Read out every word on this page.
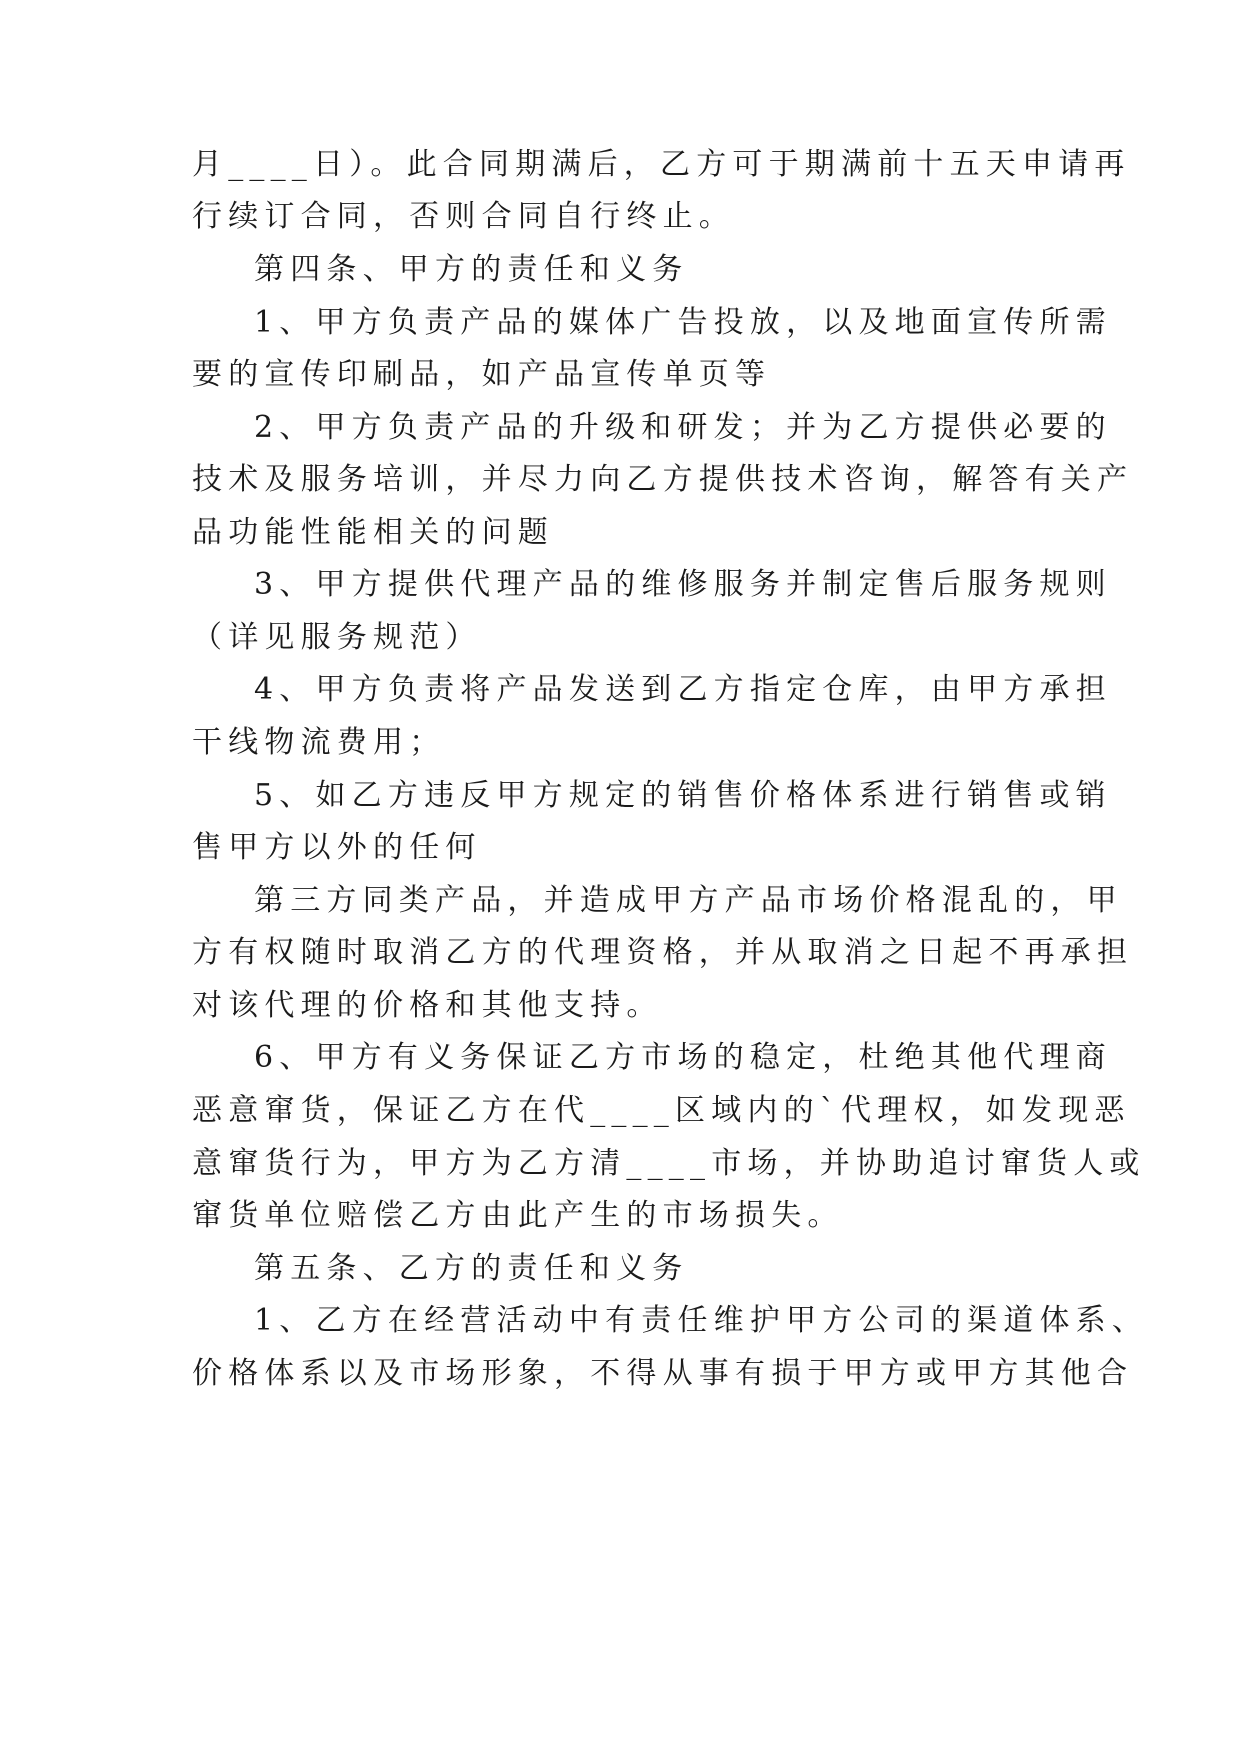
月____日）。此合同期满后，乙方可于期满前十五天申请再

行续订合同，否则合同自行终止。

第四条、甲方的责任和义务

1、甲方负责产品的媒体广告投放，以及地面宣传所需

要的宣传印刷品，如产品宣传单页等

2、甲方负责产品的升级和研发；并为乙方提供必要的

技术及服务培训，并尽力向乙方提供技术咨询，解答有关产

品功能性能相关的问题

3、甲方提供代理产品的维修服务并制定售后服务规则

（详见服务规范）

4、甲方负责将产品发送到乙方指定仓库，由甲方承担

干线物流费用；

5、如乙方违反甲方规定的销售价格体系进行销售或销

售甲方以外的任何

第三方同类产品，并造成甲方产品市场价格混乱的，甲

方有权随时取消乙方的代理资格，并从取消之日起不再承担

对该代理的价格和其他支持。

6、甲方有义务保证乙方市场的稳定，杜绝其他代理商

恶意窜货，保证乙方在代____区域内的`代理权，如发现恶

意窜货行为，甲方为乙方清____市场，并协助追讨窜货人或

窜货单位赔偿乙方由此产生的市场损失。

第五条、乙方的责任和义务

1、乙方在经营活动中有责任维护甲方公司的渠道体系、

价格体系以及市场形象，不得从事有损于甲方或甲方其他合
